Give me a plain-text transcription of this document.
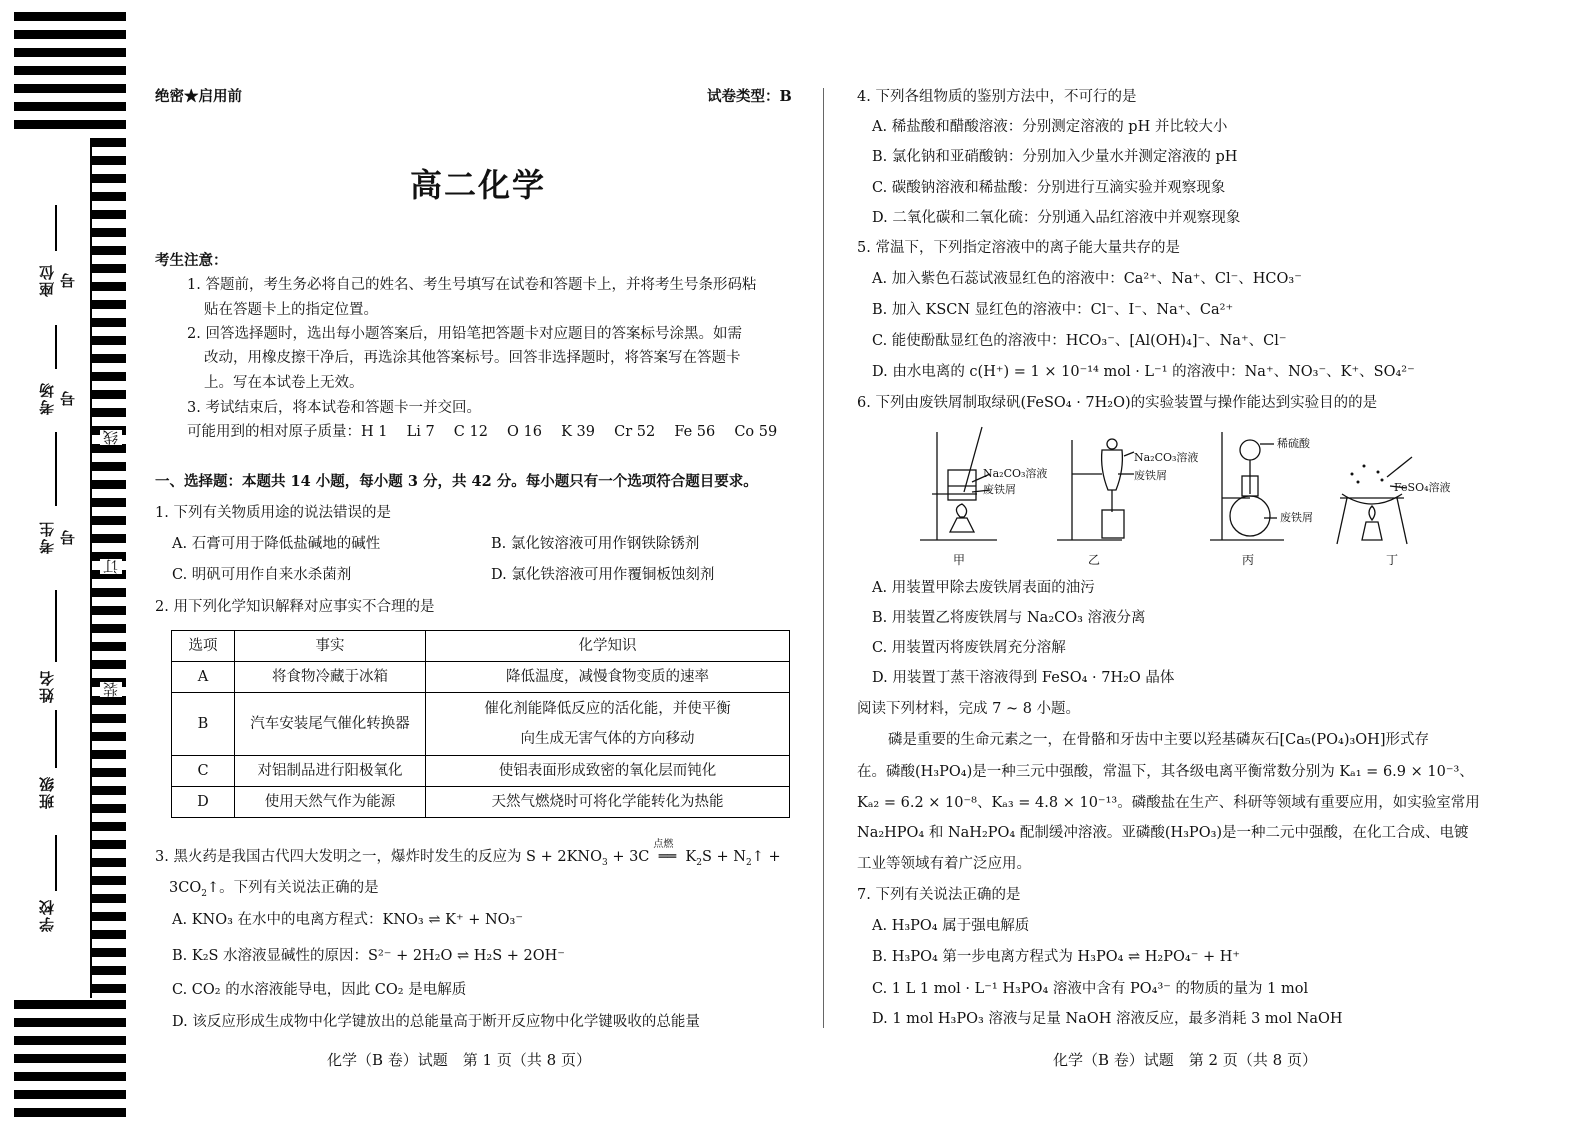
座位号
考场号
考生号
姓名
班级
学校
线
订
装
绝密★启用前	试卷类型：B
高二化学
考生注意：
1. 答题前，考生务必将自己的姓名、考生号填写在试卷和答题卡上，并将考生号条形码粘
贴在答题卡上的指定位置。
2. 回答选择题时，选出每小题答案后，用铅笔把答题卡对应题目的答案标号涂黑。如需
改动，用橡皮擦干净后，再选涂其他答案标号。回答非选择题时，将答案写在答题卡
上。写在本试卷上无效。
3. 考试结束后，将本试卷和答题卡一并交回。
可能用到的相对原子质量：H 1　 Li 7　 C 12　 O 16　 K 39　 Cr 52　 Fe 56　 Co 59
一、选择题：本题共 14 小题，每小题 3 分，共 42 分。每小题只有一个选项符合题目要求。
1. 下列有关物质用途的说法错误的是
A. 石膏可用于降低盐碱地的碱性	B. 氯化铵溶液可用作钢铁除锈剂
C. 明矾可用作自来水杀菌剂	D. 氯化铁溶液可用作覆铜板蚀刻剂
2. 用下列化学知识解释对应事实不合理的是
选项	事实	化学知识
A	将食物冷藏于冰箱	降低温度，减慢食物变质的速率
B	汽车安装尾气催化转换器	催化剂能降低反应的活化能，并使平衡
向生成无害气体的方向移动

C	对铝制品进行阳极氧化	使铝表面形成致密的氧化层而钝化
D	使用天然气作为能源	天然气燃烧时可将化学能转化为热能
3. 黑火药是我国古代四大发明之一，爆炸时发生的反应为 $S + 2KNO_3 + 3C$
点燃
══ $K_2S$ + $N_2↑$ +
$3CO_2↑$。下列有关说法正确的是
A. KNO₃ 在水中的电离方程式：KNO₃ ⇌ K⁺ + NO₃⁻
B. K₂S 水溶液显碱性的原因：S²⁻ + 2H₂O ⇌ H₂S + 2OH⁻
C. CO₂ 的水溶液能导电，因此 CO₂ 是电解质
D. 该反应形成生成物中化学键放出的总能量高于断开反应物中化学键吸收的总能量
化学（B 卷）试题　第 1 页（共 8 页）
4. 下列各组物质的鉴别方法中，不可行的是
A. 稀盐酸和醋酸溶液：分别测定溶液的 pH 并比较大小
B. 氯化钠和亚硝酸钠：分别加入少量水并测定溶液的 pH
C. 碳酸钠溶液和稀盐酸：分别进行互滴实验并观察现象
D. 二氧化碳和二氧化硫：分别通入品红溶液中并观察现象
5. 常温下，下列指定溶液中的离子能大量共存的是
A. 加入紫色石蕊试液显红色的溶液中：Ca²⁺、Na⁺、Cl⁻、HCO₃⁻
B. 加入 KSCN 显红色的溶液中：Cl⁻、I⁻、Na⁺、Ca²⁺
C. 能使酚酞显红色的溶液中：HCO₃⁻、[Al(OH)₄]⁻、Na⁺、Cl⁻
D. 由水电离的 c(H⁺) = 1 × 10⁻¹⁴ mol · L⁻¹ 的溶液中：Na⁺、NO₃⁻、K⁺、SO₄²⁻
6. 下列由废铁屑制取绿矾(FeSO₄ · 7H₂O)的实验装置与操作能达到实验目的的是
Na₂CO₃溶液
废铁屑
Na₂CO₃溶液
废铁屑
稀硫酸
废铁屑
FeSO₄溶液
甲	乙	丙	丁
A. 用装置甲除去废铁屑表面的油污
B. 用装置乙将废铁屑与 Na₂CO₃ 溶液分离
C. 用装置丙将废铁屑充分溶解
D. 用装置丁蒸干溶液得到 FeSO₄ · 7H₂O 晶体
阅读下列材料，完成 7 ~ 8 小题。
磷是重要的生命元素之一，在骨骼和牙齿中主要以羟基磷灰石[Ca₅(PO₄)₃OH]形式存
在。磷酸(H₃PO₄)是一种三元中强酸，常温下，其各级电离平衡常数分别为 Kₐ₁ = 6.9 × 10⁻³、
Kₐ₂ = 6.2 × 10⁻⁸、Kₐ₃ = 4.8 × 10⁻¹³。磷酸盐在生产、科研等领域有重要应用，如实验室常用
Na₂HPO₄ 和 NaH₂PO₄ 配制缓冲溶液。亚磷酸(H₃PO₃)是一种二元中强酸，在化工合成、电镀
工业等领域有着广泛应用。
7. 下列有关说法正确的是
A. H₃PO₄ 属于强电解质
B. H₃PO₄ 第一步电离方程式为 H₃PO₄ ⇌ H₂PO₄⁻ + H⁺
C. 1 L 1 mol · L⁻¹ H₃PO₄ 溶液中含有 PO₄³⁻ 的物质的量为 1 mol
D. 1 mol H₃PO₃ 溶液与足量 NaOH 溶液反应，最多消耗 3 mol NaOH
化学（B 卷）试题　第 2 页（共 8 页）
